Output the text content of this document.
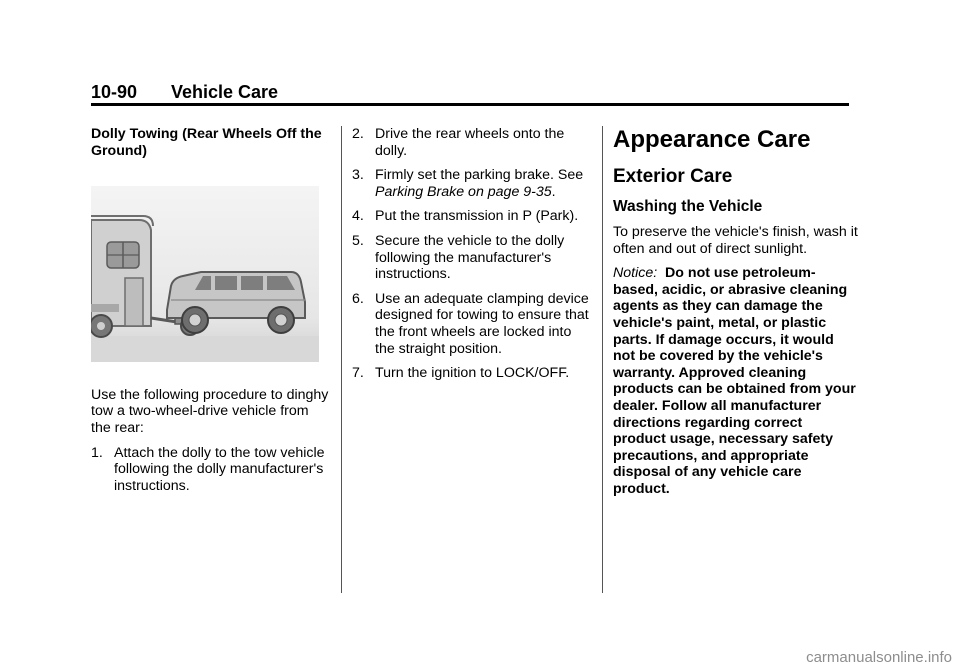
10-90 Vehicle Care

Dolly Towing (Rear Wheels Off the Ground)

Use the following procedure to dinghy tow a two-wheel-drive vehicle from the rear:

1. Attach the dolly to the tow vehicle following the dolly manufacturer's instructions.
2. Drive the rear wheels onto the dolly.
3. Firmly set the parking brake. See Parking Brake on page 9-35.
4. Put the transmission in P (Park).
5. Secure the vehicle to the dolly following the manufacturer's instructions.
6. Use an adequate clamping device designed for towing to ensure that the front wheels are locked into the straight position.
7. Turn the ignition to LOCK/OFF.
Appearance Care
Exterior Care
Washing the Vehicle

To preserve the vehicle's finish, wash it often and out of direct sunlight.

Notice: Do not use petroleum-based, acidic, or abrasive cleaning agents as they can damage the vehicle's paint, metal, or plastic parts. If damage occurs, it would not be covered by the vehicle's warranty. Approved cleaning products can be obtained from your dealer. Follow all manufacturer directions regarding correct product usage, necessary safety precautions, and appropriate disposal of any vehicle care product.

carmanualsonline.info
